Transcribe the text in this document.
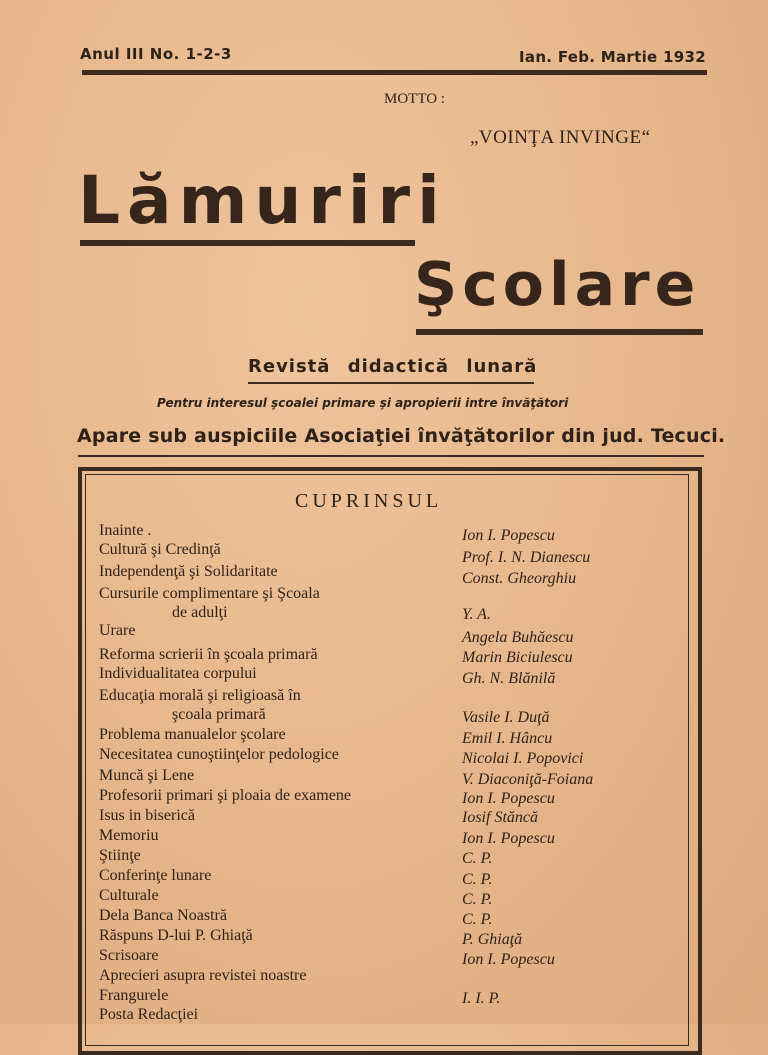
Anul III No. 1-2-3	Ian. Feb. Martie 1932
MOTTO :
„VOINŢA INVINGE“
Lămuriri
Şcolare
Revistă didactică lunară
Pentru interesul şcoalei primare şi apropierii intre învăţători
Apare sub auspiciile Asociaţiei învăţătorilor din jud. Tecuci.
CUPRINSUL
Inainte .	Ion I. Popescu
Cultură şi Credinţă	Prof. I. N. Dianescu
Independenţă şi Solidaritate	Const. Gheorghiu
Cursurile complimentare şi Şcoala
de adulţi	Y. A.
Urare	Angela Buhăescu
Reforma scrierii în şcoala primară	Marin Biciulescu
Individualitatea corpului	Gh. N. Blănilă
Educaţia morală şi religioasă în
şcoala primară	Vasile I. Duţă
Problema manualelor şcolare	Emil I. Hâncu
Necesitatea cunoştiinţelor pedologice	Nicolai I. Popovici
Muncă şi Lene	V. Diaconiţă-Foiana
Profesorii primari şi ploaia de examene	Ion I. Popescu
Isus in biserică	Iosif Stăncă
Memoriu	Ion I. Popescu
Ştiinţe	C. P.
Conferinţe lunare	C. P.
Culturale	C. P.
Dela Banca Noastră	C. P.
Răspuns D-lui P. Ghiaţă	P. Ghiaţă
Scrisoare	Ion I. Popescu
Aprecieri asupra revistei noastre
Frangurele	I. I. P.
Posta Redacţiei
